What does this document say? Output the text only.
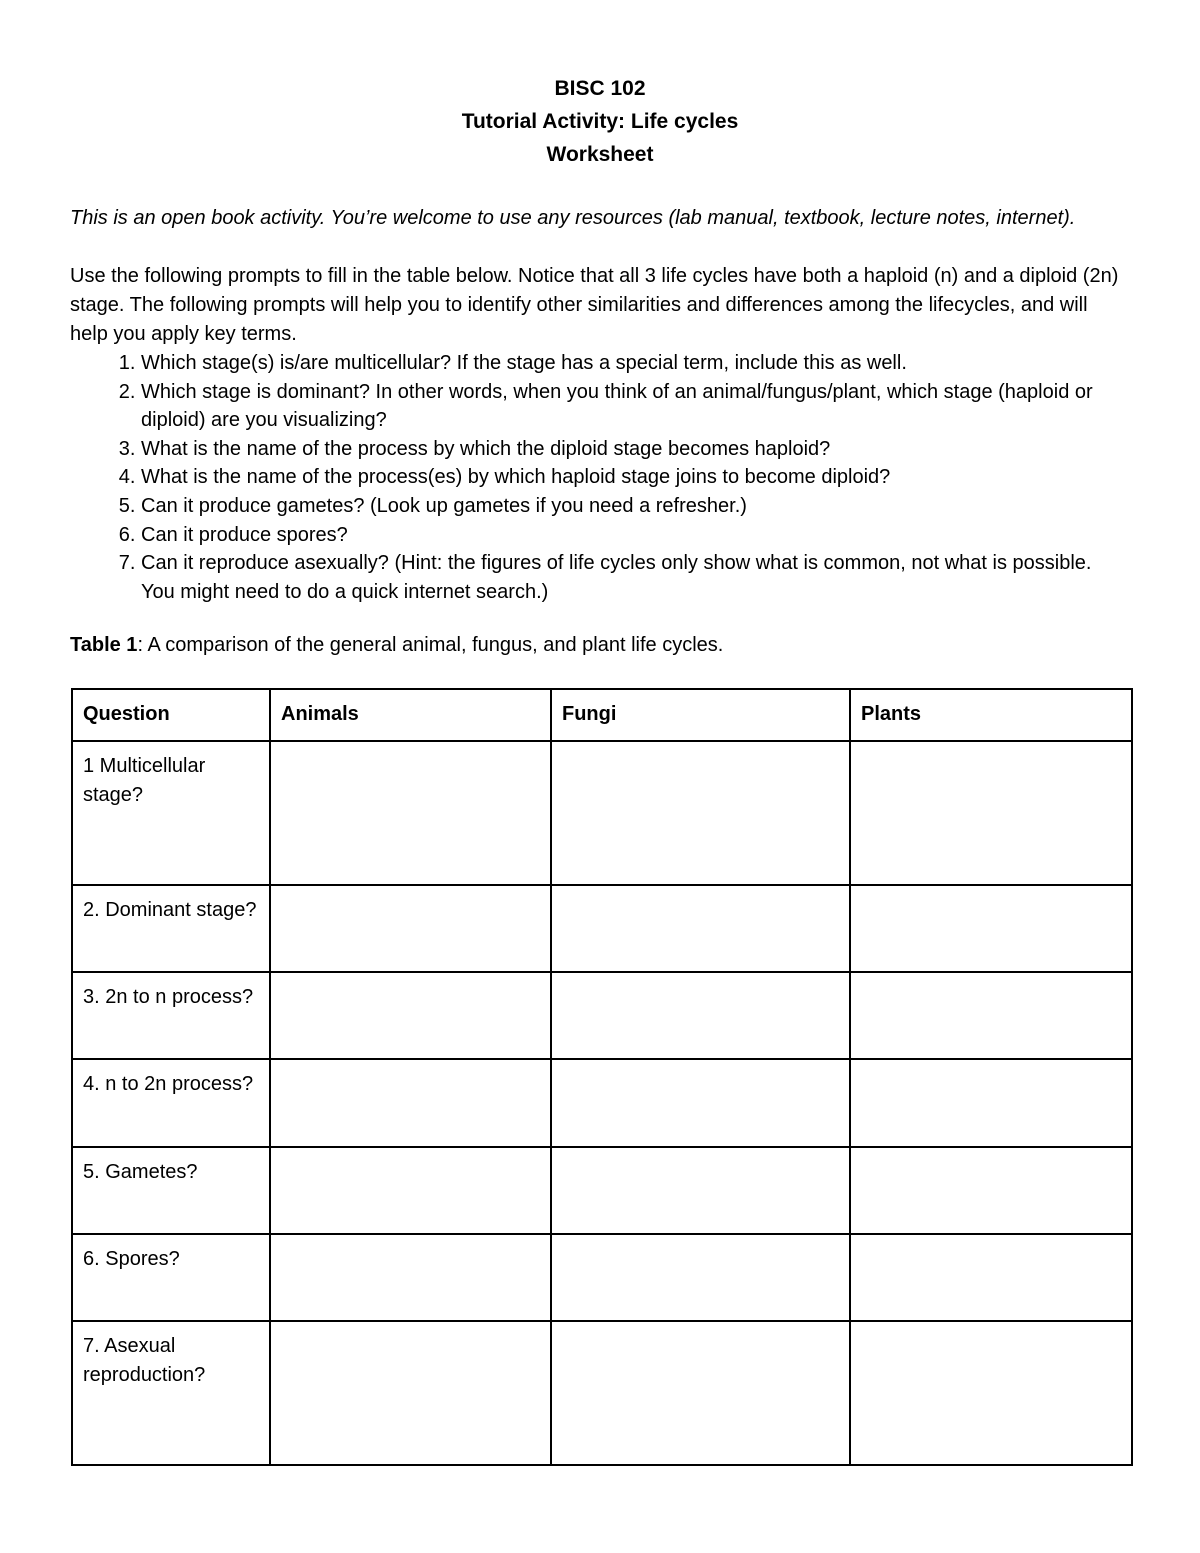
BISC 102
Tutorial Activity: Life cycles
Worksheet
This is an open book activity. You’re welcome to use any resources (lab manual, textbook, lecture notes, internet).
Use the following prompts to fill in the table below. Notice that all 3 life cycles have both a haploid (n) and a diploid (2n) stage. The following prompts will help you to identify other similarities and differences among the lifecycles, and will help you apply key terms.
1. Which stage(s) is/are multicellular? If the stage has a special term, include this as well.
2. Which stage is dominant? In other words, when you think of an animal/fungus/plant, which stage (haploid or diploid) are you visualizing?
3. What is the name of the process by which the diploid stage becomes haploid?
4. What is the name of the process(es) by which haploid stage joins to become diploid?
5. Can it produce gametes? (Look up gametes if you need a refresher.)
6. Can it produce spores?
7. Can it reproduce asexually? (Hint: the figures of life cycles only show what is common, not what is possible. You might need to do a quick internet search.)
Table 1: A comparison of the general animal, fungus, and plant life cycles.
Question	Animals	Fungi	Plants
1 Multicellular stage?			
2. Dominant stage?			
3. 2n to n process?			
4. n to 2n process?			
5. Gametes?			
6. Spores?			
7. Asexual reproduction?			
